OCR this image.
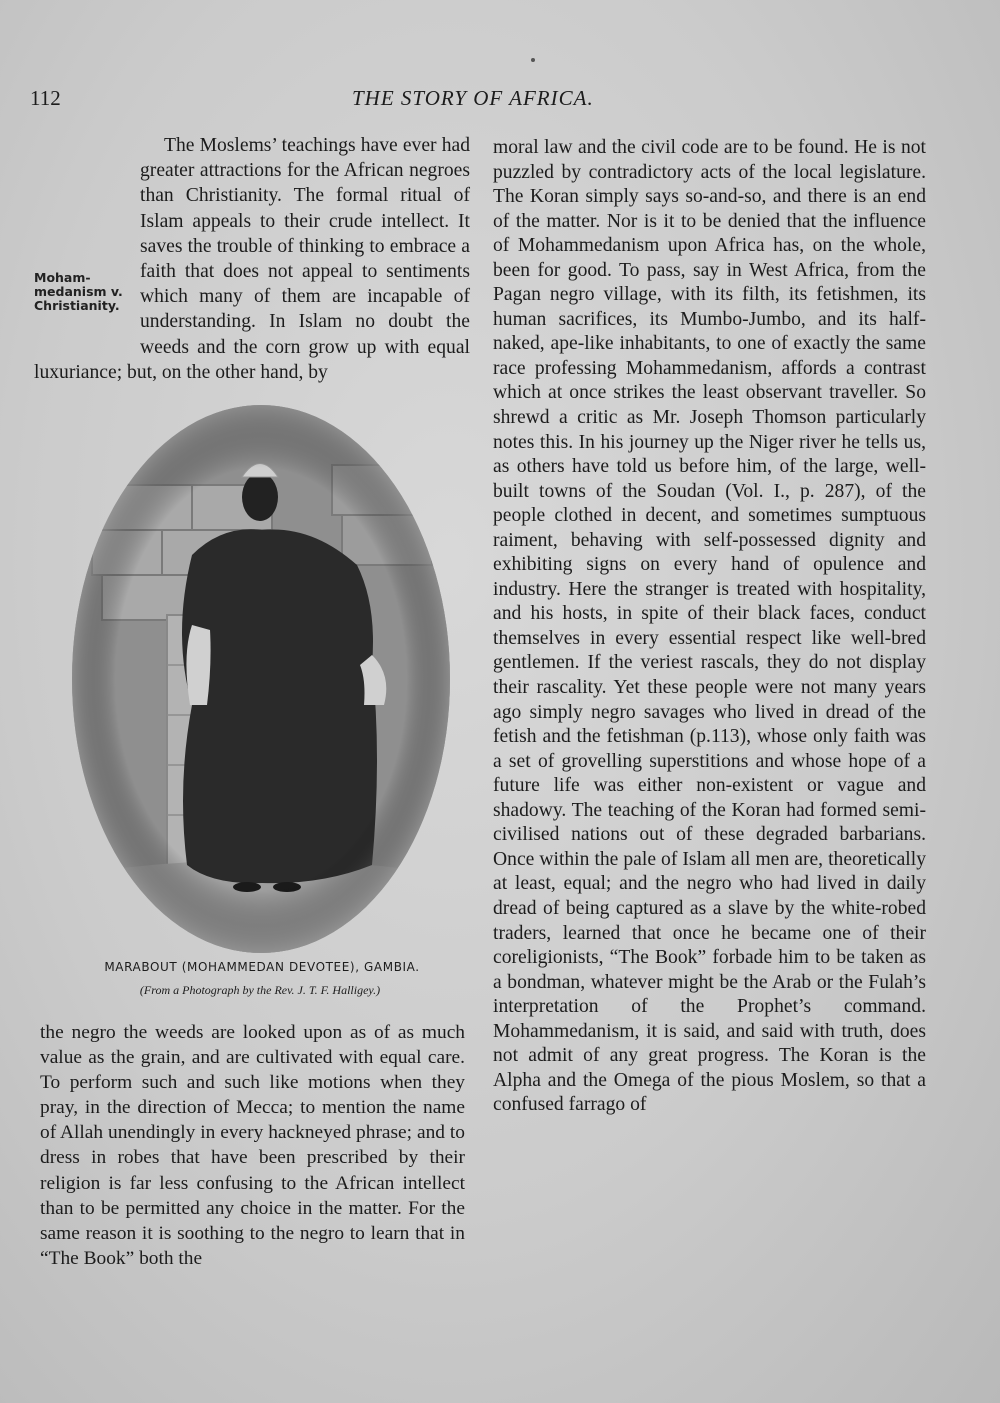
112	THE STORY OF AFRICA.
Moham-
medanism v.
Christianity.

The Moslems’ teachings have ever had greater attractions for the African negroes than Christianity. The formal ritual of Islam appeals to their crude intellect. It saves the trouble of thinking to embrace a faith that does not appeal to sentiments which many of them are incapable of understanding. In Islam no doubt the weeds and the corn grow up with equal luxuriance; but, on the other hand, by

MARABOUT (MOHAMMEDAN DEVOTEE), GAMBIA.
(From a Photograph by the Rev. J. T. F. Halligey.)

the negro the weeds are looked upon as of as much value as the grain, and are cultivated with equal care. To perform such and such like motions when they pray, in the direction of Mecca; to mention the name of Allah unendingly in every hackneyed phrase; and to dress in robes that have been prescribed by their religion is far less confusing to the African intellect than to be permitted any choice in the matter. For the same reason it is soothing to the negro to learn that in “The Book” both the

moral law and the civil code are to be found. He is not puzzled by contradictory acts of the local legislature. The Koran simply says so-and-so, and there is an end of the matter. Nor is it to be denied that the influence of Mohammedanism upon Africa has, on the whole, been for good. To pass, say in West Africa, from the Pagan negro village, with its filth, its fetishmen, its human sacrifices, its Mumbo-Jumbo, and its half-naked, ape-like inhabitants, to one of exactly the same race professing Mohammedanism, affords a contrast which at once strikes the least observant traveller. So shrewd a critic as Mr. Joseph Thomson particularly notes this. In his journey up the Niger river he tells us, as others have told us before him, of the large, well-built towns of the Soudan (Vol. I., p. 287), of the people clothed in decent, and sometimes sumptuous raiment, behaving with self-possessed dignity and exhibiting signs on every hand of opulence and industry. Here the stranger is treated with hospitality, and his hosts, in spite of their black faces, conduct themselves in every essential respect like well-bred gentlemen. If the veriest rascals, they do not display their rascality. Yet these people were not many years ago simply negro savages who lived in dread of the fetish and the fetishman (p.113), whose only faith was a set of grovelling superstitions and whose hope of a future life was either non-existent or vague and shadowy. The teaching of the Koran had formed semi-civilised nations out of these degraded barbarians. Once within the pale of Islam all men are, theoretically at least, equal; and the negro who had lived in daily dread of being captured as a slave by the white-robed traders, learned that once he became one of their coreligionists, “The Book” forbade him to be taken as a bondman, whatever might be the Arab or the Fulah’s interpretation of the Prophet’s command. Mohammedanism, it is said, and said with truth, does not admit of any great progress. The Koran is the Alpha and the Omega of the pious Moslem, so that a confused farrago of
